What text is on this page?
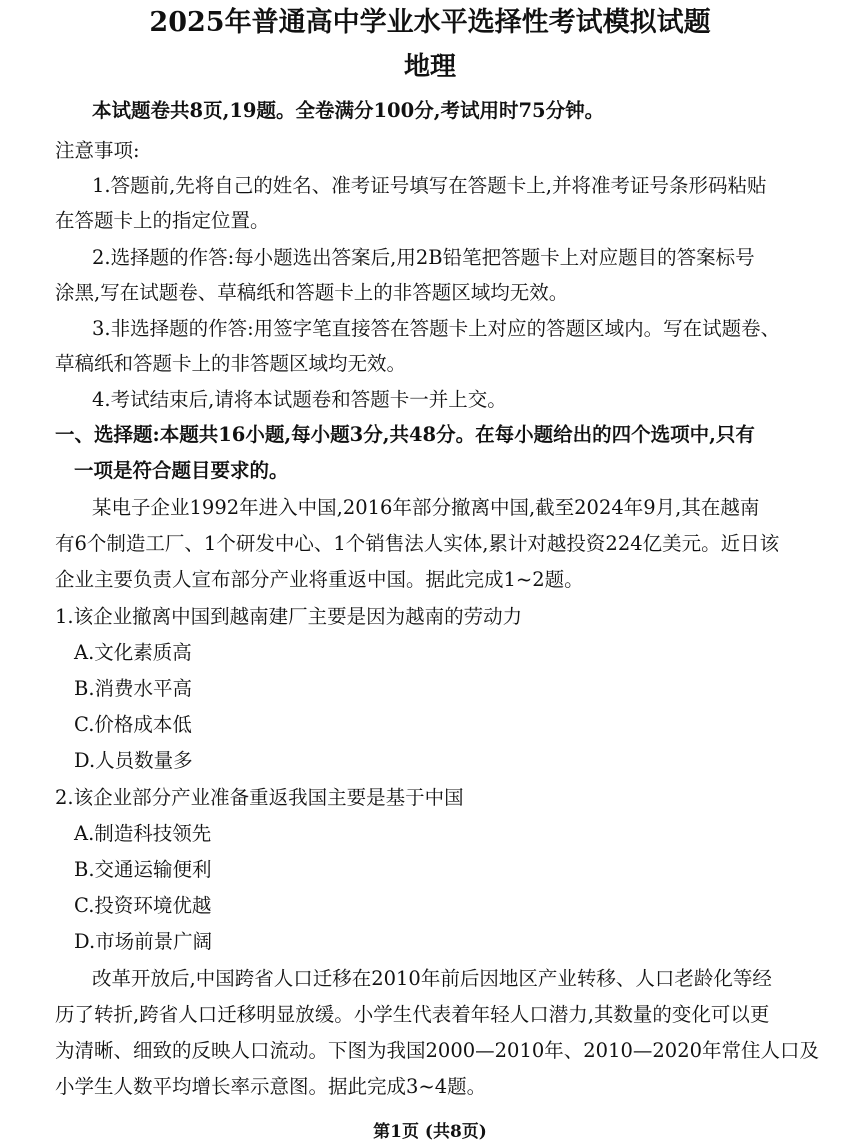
2025年普通高中学业水平选择性考试模拟试题
地理
本试题卷共8页,19题。全卷满分100分,考试用时75分钟。
注意事项:
1.答题前,先将自己的姓名、准考证号填写在答题卡上,并将准考证号条形码粘贴
在答题卡上的指定位置。
2.选择题的作答:每小题选出答案后,用2B铅笔把答题卡上对应题目的答案标号
涂黑,写在试题卷、草稿纸和答题卡上的非答题区域均无效。
3.非选择题的作答:用签字笔直接答在答题卡上对应的答题区域内。写在试题卷、
草稿纸和答题卡上的非答题区域均无效。
4.考试结束后,请将本试题卷和答题卡一并上交。
一、选择题:本题共16小题,每小题3分,共48分。在每小题给出的四个选项中,只有
一项是符合题目要求的。
某电子企业1992年进入中国,2016年部分撤离中国,截至2024年9月,其在越南
有6个制造工厂、1个研发中心、1个销售法人实体,累计对越投资224亿美元。近日该
企业主要负责人宣布部分产业将重返中国。据此完成1~2题。
1.该企业撤离中国到越南建厂主要是因为越南的劳动力
A.文化素质高
B.消费水平高
C.价格成本低
D.人员数量多
2.该企业部分产业准备重返我国主要是基于中国
A.制造科技领先
B.交通运输便利
C.投资环境优越
D.市场前景广阔
改革开放后,中国跨省人口迁移在2010年前后因地区产业转移、人口老龄化等经
历了转折,跨省人口迁移明显放缓。小学生代表着年轻人口潜力,其数量的变化可以更
为清晰、细致的反映人口流动。下图为我国2000—2010年、2010—2020年常住人口及
小学生人数平均增长率示意图。据此完成3~4题。
第1页 (共8页)
